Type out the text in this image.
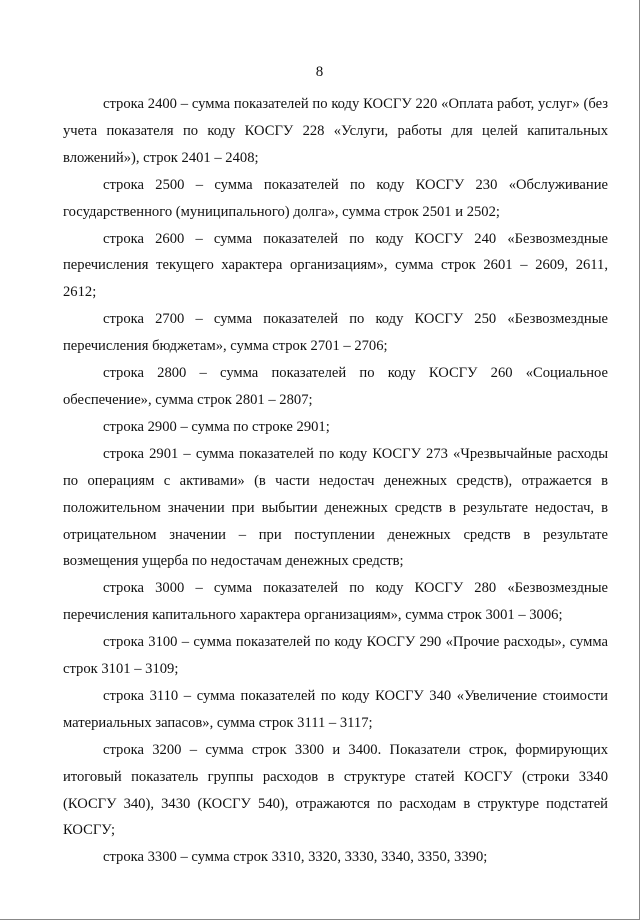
8

строка 2400 – сумма показателей по коду КОСГУ 220 «Оплата работ, услуг» (без учета показателя по коду КОСГУ 228 «Услуги, работы для целей капитальных вложений»), строк 2401 – 2408;

строка 2500 – сумма показателей по коду КОСГУ 230 «Обслуживание государственного (муниципального) долга», сумма строк 2501 и 2502;

строка 2600 – сумма показателей по коду КОСГУ 240 «Безвозмездные перечисления текущего характера организациям», сумма строк 2601 – 2609, 2611, 2612;

строка 2700 – сумма показателей по коду КОСГУ 250 «Безвозмездные перечисления бюджетам», сумма строк 2701 – 2706;

строка 2800 – сумма показателей по коду КОСГУ 260 «Социальное обеспечение», сумма строк 2801 – 2807;

строка 2900 – сумма по строке 2901;

строка 2901 – сумма показателей по коду КОСГУ 273 «Чрезвычайные расходы по операциям с активами» (в части недостач денежных средств), отражается в положительном значении при выбытии денежных средств в результате недостач, в отрицательном значении – при поступлении денежных средств в результате возмещения ущерба по недостачам денежных средств;

строка 3000 – сумма показателей по коду КОСГУ 280 «Безвозмездные перечисления капитального характера организациям», сумма строк 3001 – 3006;

строка 3100 – сумма показателей по коду КОСГУ 290 «Прочие расходы», сумма строк 3101 – 3109;

строка 3110 – сумма показателей по коду КОСГУ 340 «Увеличение стоимости материальных запасов», сумма строк 3111 – 3117;

строка 3200 – сумма строк 3300 и 3400. Показатели строк, формирующих итоговый показатель группы расходов в структуре статей КОСГУ (строки 3340 (КОСГУ 340), 3430 (КОСГУ 540), отражаются по расходам в структуре подстатей КОСГУ;

строка 3300 – сумма строк 3310, 3320, 3330, 3340, 3350, 3390;
